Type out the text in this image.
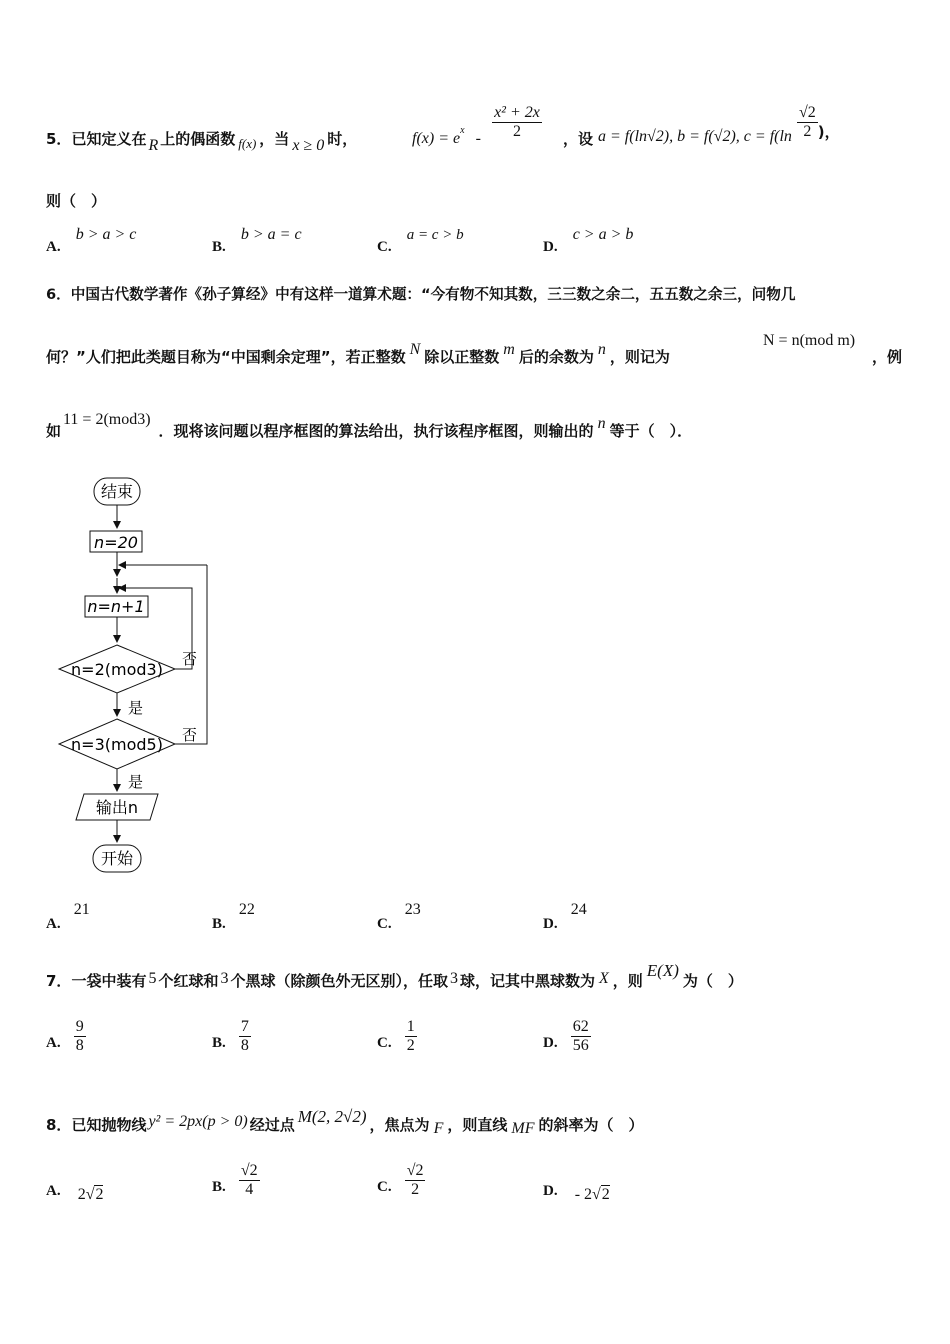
5．已知定义在 R 上的偶函数 f(x) ，当 x ≥ 0 时，	$f(x) = e_x - \frac{\text{x² + 2x}}{2}$ ，设 a = f(ln√2), b = f(√2), $c = f(\ln \frac{√2}{2}$ )，
则（　）
A. b > a > c
B. b > a = c
C. a = c > b
D. c > a > b
6．中国古代数学著作《孙子算经》中有这样一道算术题：“今有物不知其数，三三数之余二，五五数之余三，问物几
何？”人们把此类题目称为“中国剩余定理”，若正整数 N 除以正整数 m 后的余数为 n ，则记为
N = n(mod m)
，例
如11 = 2(mod3)．现将该问题以程序框图的算法给出，执行该程序框图，则输出的 n 等于（　）．
结束
n=20
n=n+1
n=2(mod3)
否
是
n=3(mod5) 否
是
输出n
开始
A. 21
B. 22
C. 23
D. 24
7．一袋中装有 5 个红球和 3 个黑球（除颜色外无区别），任取 3 球，记其中黑球数为 X ，则E(X)为（　）
A. $\frac{9}{8}$	B. $\frac{7}{8}$	C. $\frac{1}{2}$	D. $\frac{62}{56}$
8．已知抛物线 y² = 2px(p > 0) 经过点 M(2, 2√2) ，焦点为 F ，则直线 MF 的斜率为（　）
A. 2√2	B. $\frac{√2}{4}$	C. $\frac{√2}{2}$	D. - 2√2
